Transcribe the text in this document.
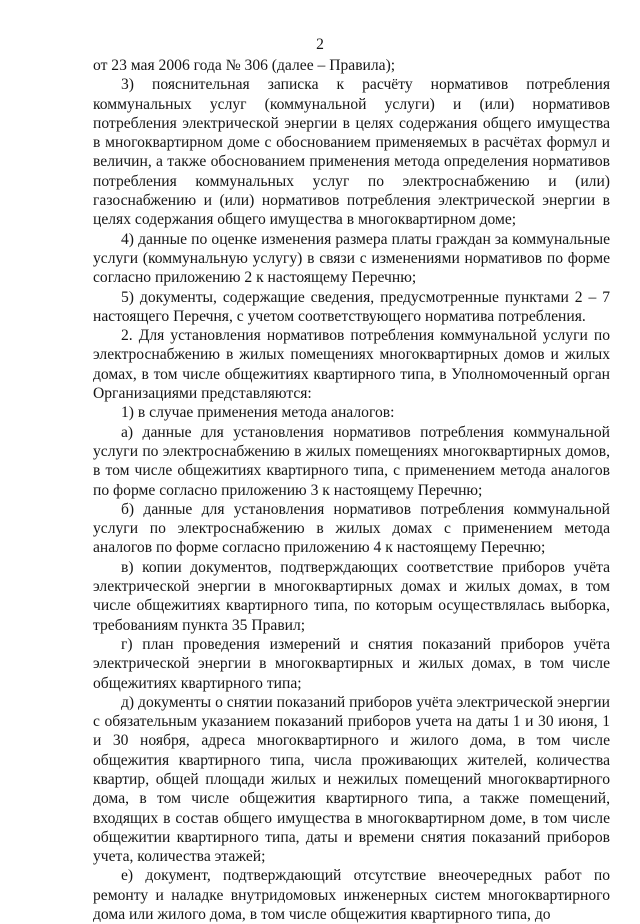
2

от 23 мая 2006 года № 306 (далее – Правила);

3) пояснительная записка к расчёту нормативов потребления коммунальных услуг (коммунальной услуги) и (или) нормативов потребления электрической энергии в целях содержания общего имущества в многоквартирном доме с обоснованием применяемых в расчётах формул и величин, а также обоснованием применения метода определения нормативов потребления коммунальных услуг по электроснабжению и (или) газоснабжению и (или) нормативов потребления электрической энергии в целях содержания общего имущества в многоквартирном доме;

4) данные по оценке изменения размера платы граждан за коммунальные услуги (коммунальную услугу) в связи с изменениями нормативов по форме согласно приложению 2 к настоящему Перечню;

5) документы, содержащие сведения, предусмотренные пунктами 2 – 7 настоящего Перечня, с учетом соответствующего норматива потребления.

2. Для установления нормативов потребления коммунальной услуги по электроснабжению в жилых помещениях многоквартирных домов и жилых домах, в том числе общежитиях квартирного типа, в Уполномоченный орган Организациями представляются:

1) в случае применения метода аналогов:

а) данные для установления нормативов потребления коммунальной услуги по электроснабжению в жилых помещениях многоквартирных домов, в том числе общежитиях квартирного типа, с применением метода аналогов по форме согласно приложению 3 к настоящему Перечню;

б) данные для установления нормативов потребления коммунальной услуги по электроснабжению в жилых домах с применением метода аналогов по форме согласно приложению 4 к настоящему Перечню;

в) копии документов, подтверждающих соответствие приборов учёта электрической энергии в многоквартирных домах и жилых домах, в том числе общежитиях квартирного типа, по которым осуществлялась выборка, требованиям пункта 35 Правил;

г) план проведения измерений и снятия показаний приборов учёта электрической энергии в многоквартирных и жилых домах, в том числе общежитиях квартирного типа;

д) документы о снятии показаний приборов учёта электрической энергии с обязательным указанием показаний приборов учета на даты 1 и 30 июня, 1 и 30 ноября, адреса многоквартирного и жилого дома, в том числе общежития квартирного типа, числа проживающих жителей, количества квартир, общей площади жилых и нежилых помещений многоквартирного дома, в том числе общежития квартирного типа, а также помещений, входящих в состав общего имущества в многоквартирном доме, в том числе общежитии квартирного типа, даты и времени снятия показаний приборов учета, количества этажей;

е) документ, подтверждающий отсутствие внеочередных работ по ремонту и наладке внутридомовых инженерных систем многоквартирного дома или жилого дома, в том числе общежития квартирного типа, до
